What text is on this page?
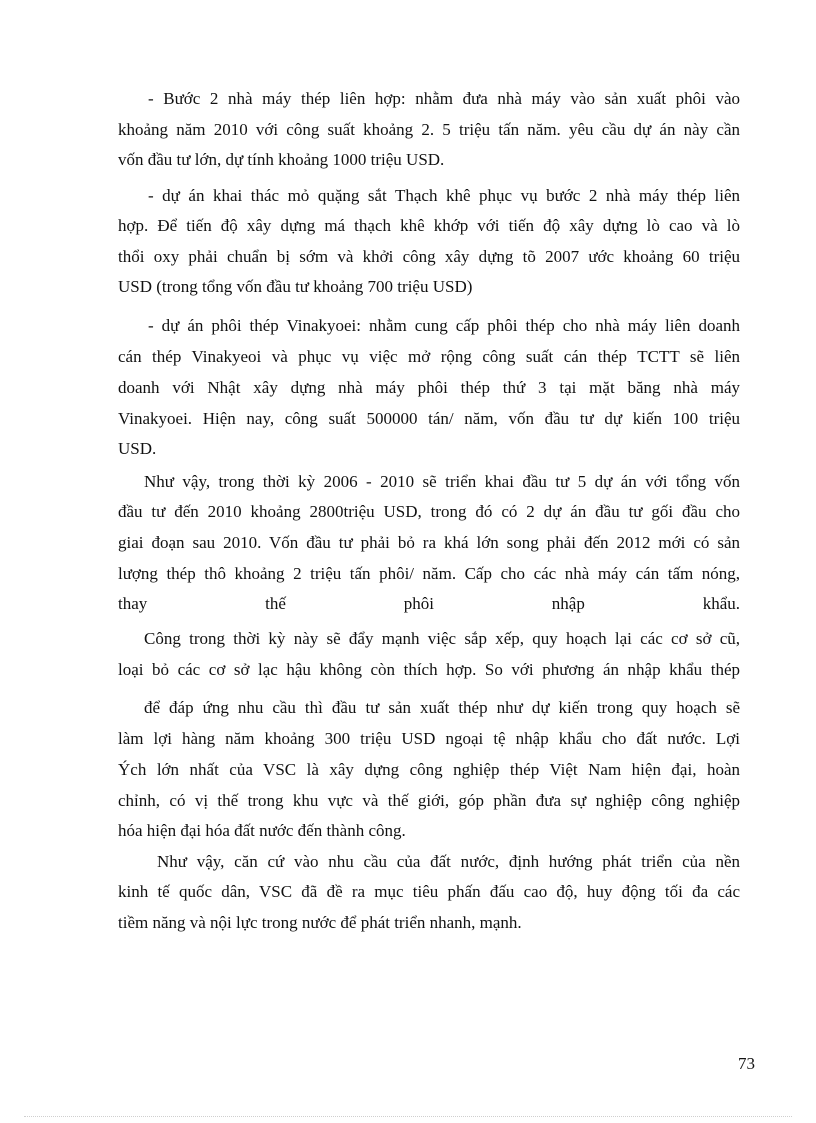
- Bước 2 nhà máy thép liên hợp: nhằm đưa nhà máy vào sản xuất phôi vào
khoảng năm 2010 với công suất khoảng 2. 5 triệu tấn năm. yêu cầu dự án này cần
vốn đầu tư lớn, dự tính khoảng 1000 triệu USD.
- dự án khai thác mỏ quặng sắt Thạch khê phục vụ bước 2 nhà máy thép liên
hợp. Để tiến độ xây dựng má thạch khê khớp với tiến độ xây dựng lò cao và lò
thổi oxy phải chuẩn bị sớm và khởi công xây dựng tõ 2007 ước khoảng 60 triệu
USD (trong tổng vốn đầu tư khoảng 700 triệu USD)
- dự án phôi thép Vinakyoei: nhằm cung cấp phôi thép cho nhà máy liên doanh
cán thép Vinakyeoi và phục vụ việc mở rộng công suất cán thép TCTT sẽ liên
doanh với Nhật xây dựng nhà máy phôi thép thứ 3 tại mặt băng nhà máy
Vinakyoei. Hiện nay, công suất 500000 tán/ năm, vốn đầu tư dự kiến 100 triệu
USD.
Như vậy, trong thời kỳ 2006 - 2010 sẽ triển khai đầu tư 5 dự án với tổng vốn
đầu tư đến 2010 khoảng 2800triệu USD, trong đó có 2 dự án đầu tư gối đầu cho
giai đoạn sau 2010. Vốn đầu tư phải bỏ ra khá lớn song phải đến 2012 mới có sản
lượng thép thô khoảng 2 triệu tấn phôi/ năm. Cấp cho các nhà máy cán tấm nóng,
thay thế phôi nhập khẩu.
Công trong thời kỳ này sẽ đẩy mạnh việc sắp xếp, quy hoạch lại các cơ sở cũ,
loại bỏ các cơ sở lạc hậu không còn thích hợp. So với phương án nhập khẩu thép
để đáp ứng nhu cầu thì đầu tư sản xuất thép như dự kiến trong quy hoạch sẽ
làm lợi hàng năm khoảng 300 triệu USD ngoại tệ nhập khẩu cho đất nước. Lợi
Ých lớn nhất của VSC là xây dựng công nghiệp thép Việt Nam hiện đại, hoàn
chỉnh, có vị thế trong khu vực và thế giới, góp phần đưa sự nghiệp công nghiệp
hóa hiện đại hóa đất nước đến thành công.
Như vậy, căn cứ vào nhu cầu của đất nước, định hướng phát triển của nền
kinh tế quốc dân, VSC đã đề ra mục tiêu phấn đấu cao độ, huy động tối đa các
tiềm năng và nội lực trong nước để phát triển nhanh, mạnh.
73
